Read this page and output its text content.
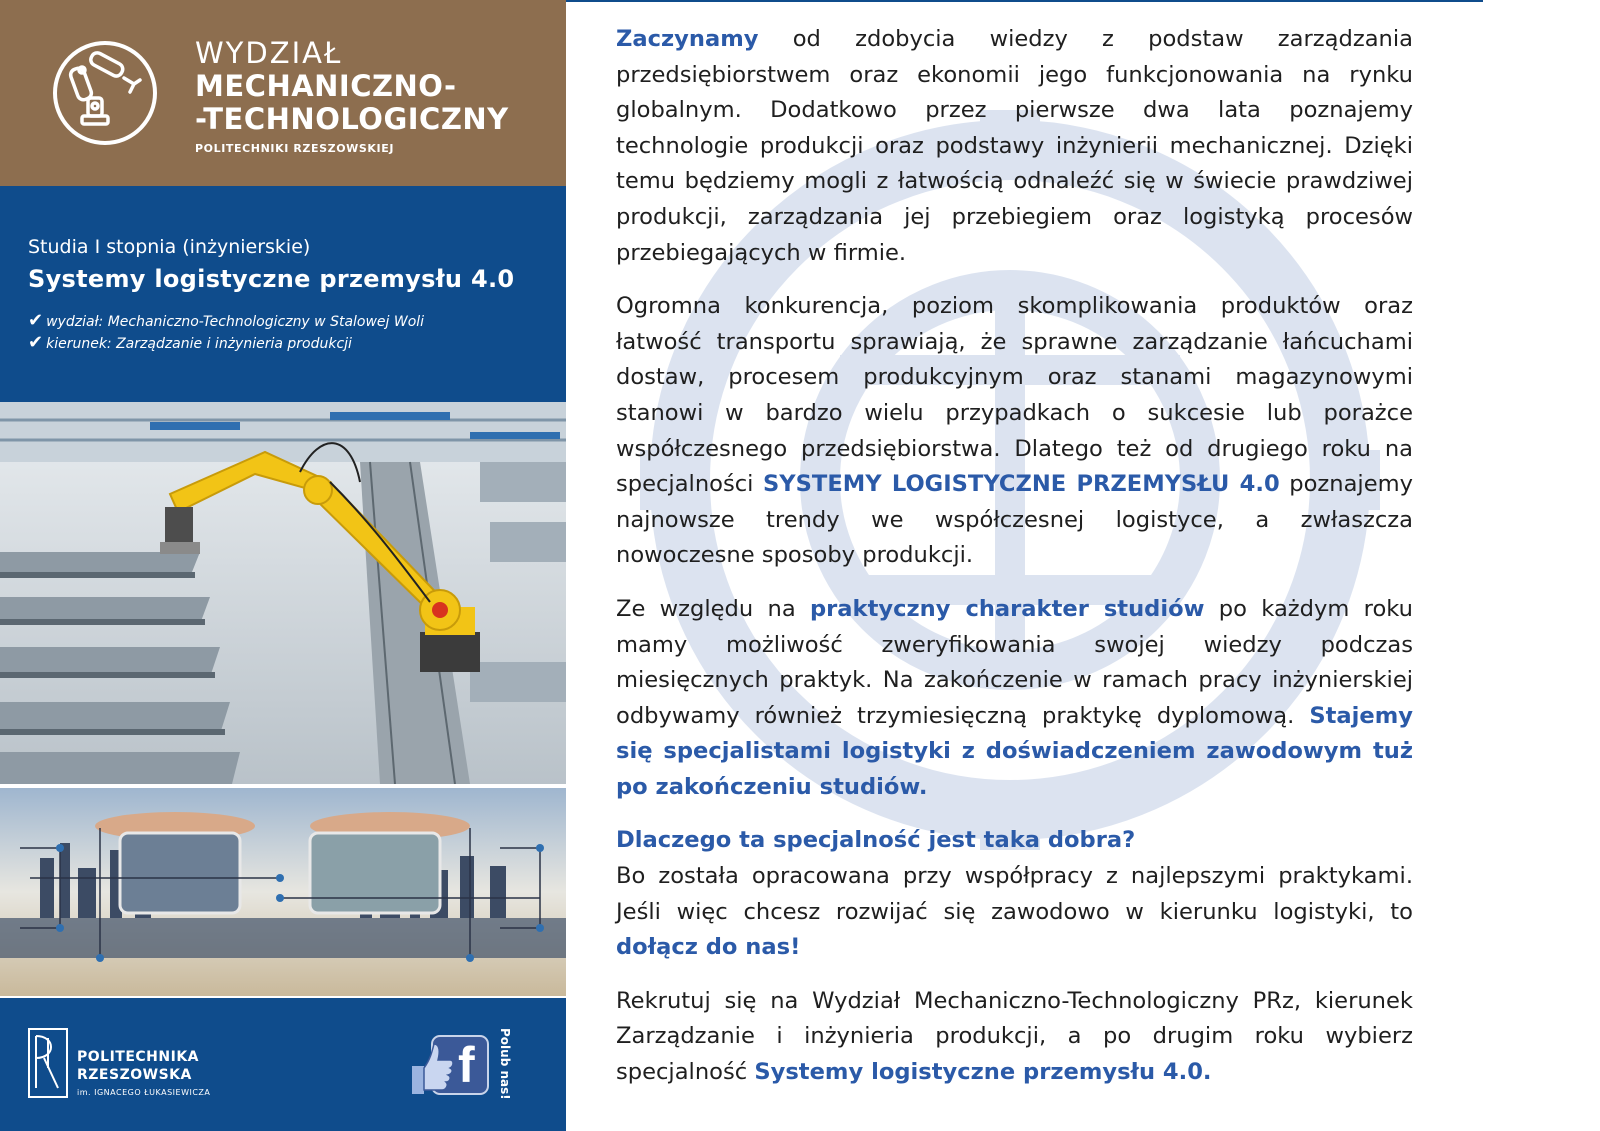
WYDZIAŁ
MECHANICZNO-
-TECHNOLOGICZNY
POLITECHNIKI RZESZOWSKIEJ
Studia I stopnia (inżynierskie)
Systemy logistyczne przemysłu 4.0
✔ wydział: Mechaniczno-Technologiczny w Stalowej Woli
✔ kierunek: Zarządzanie i inżynieria produkcji
POLITECHNIKA
RZESZOWSKA
im. IGNACEGO ŁUKASIEWICZA	f Polub nas!

Zaczynamy od zdobycia wiedzy z podstaw zarządzania przedsiębiorstwem oraz ekonomii jego funkcjonowania na rynku globalnym. Dodatkowo przez pierwsze dwa lata poznajemy technologie produkcji oraz podstawy inżynierii mechanicznej. Dzięki temu będziemy mogli z łatwością odnaleźć się w świecie prawdziwej produkcji, zarządzania jej przebiegiem oraz logistyką procesów przebiegających w firmie.

Ogromna konkurencja, poziom skomplikowania produktów oraz łatwość transportu sprawiają, że sprawne zarządzanie łańcuchami dostaw, procesem produkcyjnym oraz stanami magazynowymi stanowi w bardzo wielu przypadkach o sukcesie lub porażce współczesnego przedsiębiorstwa. Dlatego też od drugiego roku na specjalności SYSTEMY LOGISTYCZNE PRZEMYSŁU 4.0 poznajemy najnowsze trendy we współczesnej logistyce, a zwłaszcza nowoczesne sposoby produkcji.

Ze względu na praktyczny charakter studiów po każdym roku mamy możliwość zweryfikowania swojej wiedzy podczas miesięcznych praktyk. Na zakończenie w ramach pracy inżynierskiej odbywamy również trzymiesięczną praktykę dyplomową. Stajemy się specjalistami logistyki z doświadczeniem zawodowym tuż po zakończeniu studiów.

Dlaczego ta specjalność jest taka dobra?

Bo została opracowana przy współpracy z najlepszymi praktykami. Jeśli więc chcesz rozwijać się zawodowo w kierunku logistyki, to dołącz do nas!

Rekrutuj się na Wydział Mechaniczno-Technologiczny PRz, kierunek Zarządzanie i inżynieria produkcji, a po drugim roku wybierz specjalność Systemy logistyczne przemysłu 4.0.
